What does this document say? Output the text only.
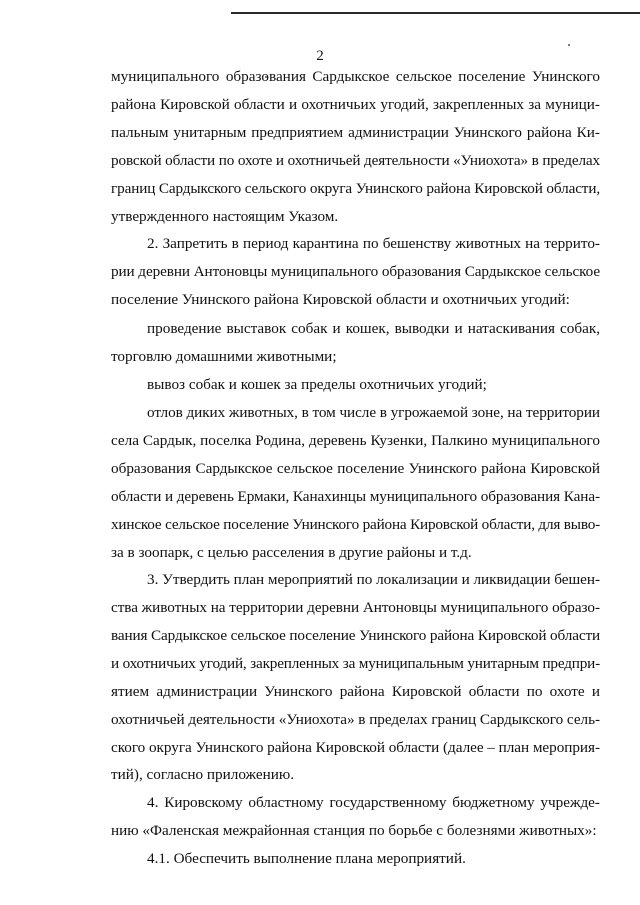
2
муниципального образования Сардыкское сельское поселение Унинского
района Кировской области и охотничьих угодий, закрепленных за муници-
пальным унитарным предприятием администрации Унинского района Ки-
ровской области по охоте и охотничьей деятельности «Униохота» в пределах
границ Сардыкского сельского округа Унинского района Кировской области,
утвержденного настоящим Указом.
2. Запретить в период карантина по бешенству животных на террито-
рии деревни Антоновцы муниципального образования Сардыкское сельское
поселение Унинского района Кировской области и охотничьих угодий:
проведение выставок собак и кошек, выводки и натаскивания собак,
торговлю домашними животными;
вывоз собак и кошек за пределы охотничьих угодий;
отлов диких животных, в том числе в угрожаемой зоне, на территории
села Сардык, поселка Родина, деревень Кузенки, Палкино муниципального
образования Сардыкское сельское поселение Унинского района Кировской
области и деревень Ермаки, Канахинцы муниципального образования Кана-
хинское сельское поселение Унинского района Кировской области, для выво-
за в зоопарк, с целью расселения в другие районы и т.д.
3. Утвердить план мероприятий по локализации и ликвидации бешен-
ства животных на территории деревни Антоновцы муниципального образо-
вания Сардыкское сельское поселение Унинского района Кировской области
и охотничьих угодий, закрепленных за муниципальным унитарным предпри-
ятием администрации Унинского района Кировской области по охоте и
охотничьей деятельности «Униохота» в пределах границ Сардыкского сель-
ского округа Унинского района Кировской области (далее – план мероприя-
тий), согласно приложению.
4. Кировскому областному государственному бюджетному учрежде-
нию «Фаленская межрайонная станция по борьбе с болезнями животных»:
4.1. Обеспечить выполнение плана мероприятий.
